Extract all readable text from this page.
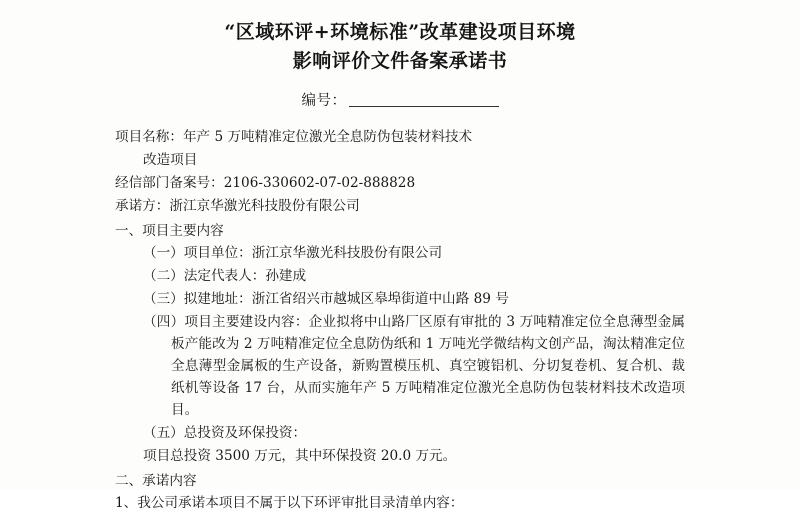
“区域环评+环境标准”改革建设项目环境
影响评价文件备案承诺书
编号：
项目名称：年产 5 万吨精准定位激光全息防伪包装材料技术
改造项目
经信部门备案号：2106-330602-07-02-888828
承诺方：浙江京华激光科技股份有限公司
一、项目主要内容
（一）项目单位：浙江京华激光科技股份有限公司
（二）法定代表人：孙建成
（三）拟建地址：浙江省绍兴市越城区皋埠街道中山路 89 号
（四）项目主要建设内容：企业拟将中山路厂区原有审批的 3 万吨精准定位全息薄型金属板产能改为 2 万吨精准定位全息防伪纸和 1 万吨光学微结构文创产品，淘汰精准定位全息薄型金属板的生产设备，新购置模压机、真空镀铝机、分切复卷机、复合机、裁纸机等设备 17 台，从而实施年产 5 万吨精准定位激光全息防伪包装材料技术改造项目。
（五）总投资及环保投资：
项目总投资 3500 万元，其中环保投资 20.0 万元。
二、承诺内容
1、我公司承诺本项目不属于以下环评审批目录清单内容：
